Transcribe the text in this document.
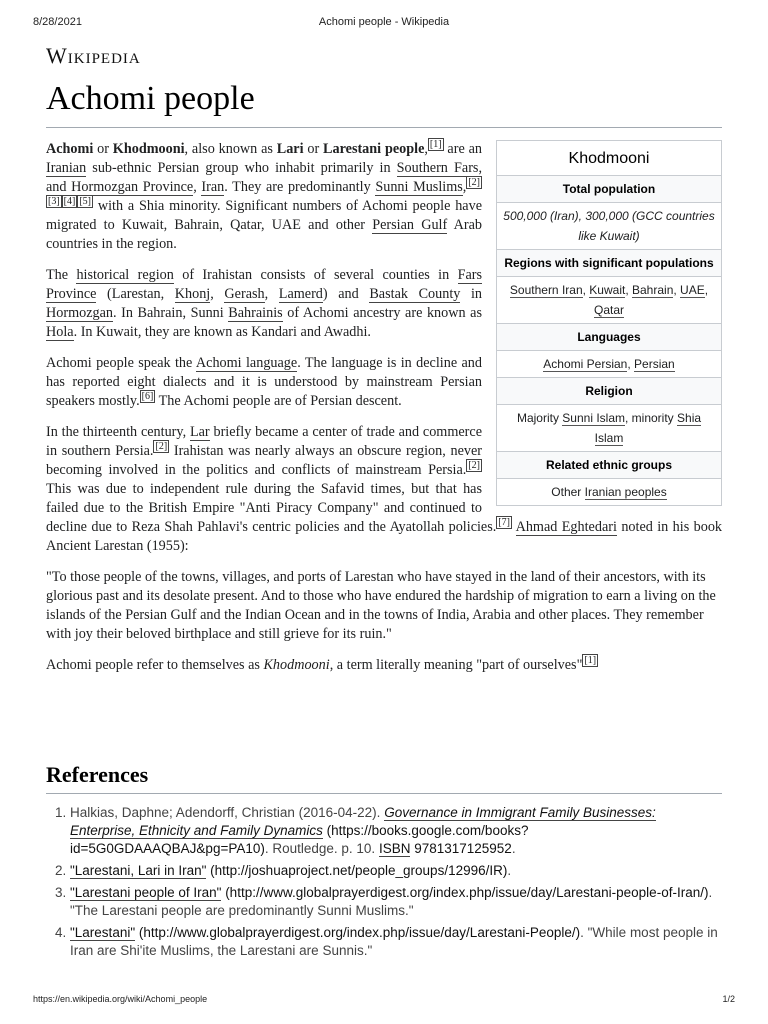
8/28/2021	Achomi people - Wikipedia
Wikipedia
Achomi people
Khodmooni
Total population
500,000 (Iran), 300,000 (GCC countries like Kuwait)
Regions with significant populations
Southern Iran, Kuwait, Bahrain, UAE, Qatar
Languages
Achomi Persian, Persian
Religion
Majority Sunni Islam, minority Shia Islam
Related ethnic groups
Other Iranian peoples

Achomi or Khodmooni, also known as Lari or Larestani people, [1] are an Iranian sub-ethnic Persian group who inhabit primarily in Southern Fars, and Hormozgan Province, Iran. They are predominantly Sunni Muslims, [2][3] [4] [5] with a Shia minority. Significant numbers of Achomi people have migrated to Kuwait, Bahrain, Qatar, UAE and other Persian Gulf Arab countries in the region.

The historical region of Irahistan consists of several counties in Fars Province (Larestan, Khonj, Gerash, Lamerd) and Bastak County in Hormozgan. In Bahrain, Sunni Bahrainis of Achomi ancestry are known as Hola. In Kuwait, they are known as Kandari and Awadhi.

Achomi people speak the Achomi language. The language is in decline and has reported eight dialects and it is understood by mainstream Persian speakers mostly. [6] The Achomi people are of Persian descent.

In the thirteenth century, Lar briefly became a center of trade and commerce in southern Persia. [2] Irahistan was nearly always an obscure region, never becoming involved in the politics and conflicts of mainstream Persia. [2] This was due to independent rule during the Safavid times, but that has failed due to the British Empire "Anti Piracy Company" and continued to decline due to Reza Shah Pahlavi's centric policies and the Ayatollah policies. [7] Ahmad Eghtedari noted in his book Ancient Larestan (1955):

"To those people of the towns, villages, and ports of Larestan who have stayed in the land of their ancestors, with its glorious past and its desolate present. And to those who have endured the hardship of migration to earn a living on the islands of the Persian Gulf and the Indian Ocean and in the towns of India, Arabia and other places. They remember with joy their beloved birthplace and still grieve for its ruin."

Achomi people refer to themselves as Khodmooni, a term literally meaning "part of ourselves" [1]

References
1. Halkias, Daphne; Adendorff, Christian (2016-04-22). Governance in Immigrant Family Businesses: Enterprise, Ethnicity and Family Dynamics (https://books.google.com/books?id=5G0GDAAAQBAJ&pg=PA10). Routledge. p. 10. ISBN 9781317125952.
2. "Larestani, Lari in Iran" (http://joshuaproject.net/people_groups/12996/IR).
3. "Larestani people of Iran" (http://www.globalprayerdigest.org/index.php/issue/day/Larestani-people-of-Iran/). "The Larestani people are predominantly Sunni Muslims."
4. "Larestani" (http://www.globalprayerdigest.org/index.php/issue/day/Larestani-People/). "While most people in Iran are Shi'ite Muslims, the Larestani are Sunnis."
https://en.wikipedia.org/wiki/Achomi_people	1/2
